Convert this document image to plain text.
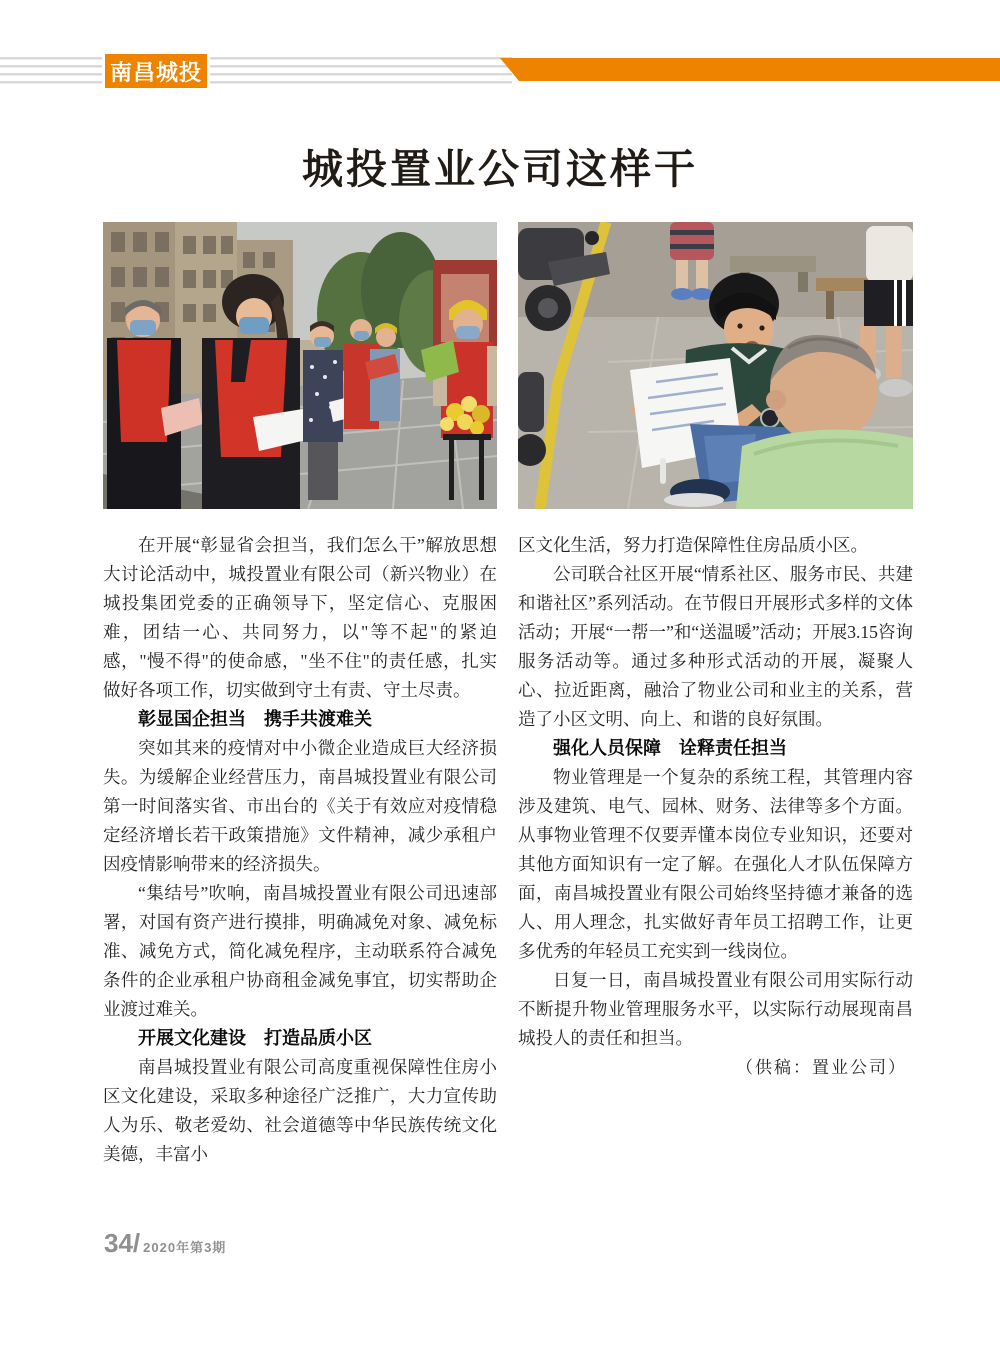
南昌城投
城投置业公司这样干

在开展“彰显省会担当，我们怎么干”解放思想大讨论活动中，城投置业有限公司（新兴物业）在城投集团党委的正确领导下，坚定信心、克服困难，团结一心、共同努力，以"等不起"的紧迫感，"慢不得"的使命感，"坐不住"的责任感，扎实做好各项工作，切实做到守土有责、守土尽责。

彰显国企担当　携手共渡难关

突如其来的疫情对中小微企业造成巨大经济损失。为缓解企业经营压力，南昌城投置业有限公司第一时间落实省、市出台的《关于有效应对疫情稳定经济增长若干政策措施》文件精神，减少承租户因疫情影响带来的经济损失。

“集结号”吹响，南昌城投置业有限公司迅速部署，对国有资产进行摸排，明确减免对象、减免标准、减免方式，简化减免程序，主动联系符合减免条件的企业承租户协商租金减免事宜，切实帮助企业渡过难关。

开展文化建设　打造品质小区

南昌城投置业有限公司高度重视保障性住房小区文化建设，采取多种途径广泛推广，大力宣传助人为乐、敬老爱幼、社会道德等中华民族传统文化美德，丰富小

区文化生活，努力打造保障性住房品质小区。

公司联合社区开展“情系社区、服务市民、共建和谐社区”系列活动。在节假日开展形式多样的文体活动；开展“一帮一”和“送温暖”活动；开展3.15咨询服务活动等。通过多种形式活动的开展，凝聚人心、拉近距离，融洽了物业公司和业主的关系，营造了小区文明、向上、和谐的良好氛围。

强化人员保障　诠释责任担当

物业管理是一个复杂的系统工程，其管理内容涉及建筑、电气、园林、财务、法律等多个方面。从事物业管理不仅要弄懂本岗位专业知识，还要对其他方面知识有一定了解。在强化人才队伍保障方面，南昌城投置业有限公司始终坚持德才兼备的选人、用人理念，扎实做好青年员工招聘工作，让更多优秀的年轻员工充实到一线岗位。

日复一日，南昌城投置业有限公司用实际行动不断提升物业管理服务水平，以实际行动展现南昌城投人的责任和担当。

（供稿：置业公司）

34/ 2020年第3期
